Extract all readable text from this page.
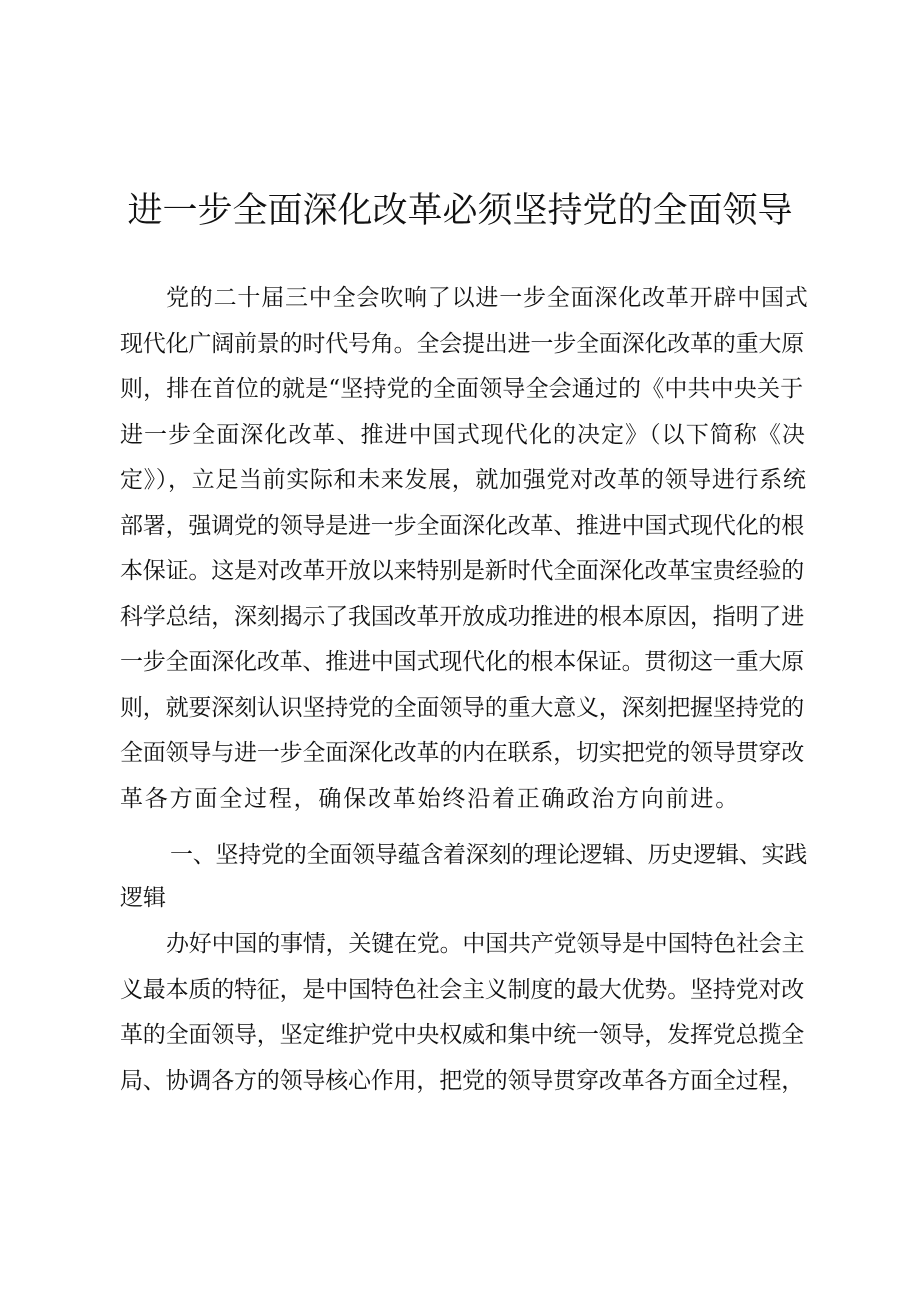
进一步全面深化改革必须坚持党的全面领导
党的二十届三中全会吹响了以进一步全面深化改革开辟中国式
现代化广阔前景的时代号角。全会提出进一步全面深化改革的重大原
则，排在首位的就是“坚持党的全面领导全会通过的《中共中央关于
进一步全面深化改革、推进中国式现代化的决定》（以下简称《决
定》），立足当前实际和未来发展，就加强党对改革的领导进行系统
部署，强调党的领导是进一步全面深化改革、推进中国式现代化的根
本保证。这是对改革开放以来特别是新时代全面深化改革宝贵经验的
科学总结，深刻揭示了我国改革开放成功推进的根本原因，指明了进
一步全面深化改革、推进中国式现代化的根本保证。贯彻这一重大原
则，就要深刻认识坚持党的全面领导的重大意义，深刻把握坚持党的
全面领导与进一步全面深化改革的内在联系，切实把党的领导贯穿改
革各方面全过程，确保改革始终沿着正确政治方向前进。
一、坚持党的全面领导蕴含着深刻的理论逻辑、历史逻辑、实践
逻辑
办好中国的事情，关键在党。中国共产党领导是中国特色社会主
义最本质的特征，是中国特色社会主义制度的最大优势。坚持党对改
革的全面领导，坚定维护党中央权威和集中统一领导，发挥党总揽全
局、协调各方的领导核心作用，把党的领导贯穿改革各方面全过程，
